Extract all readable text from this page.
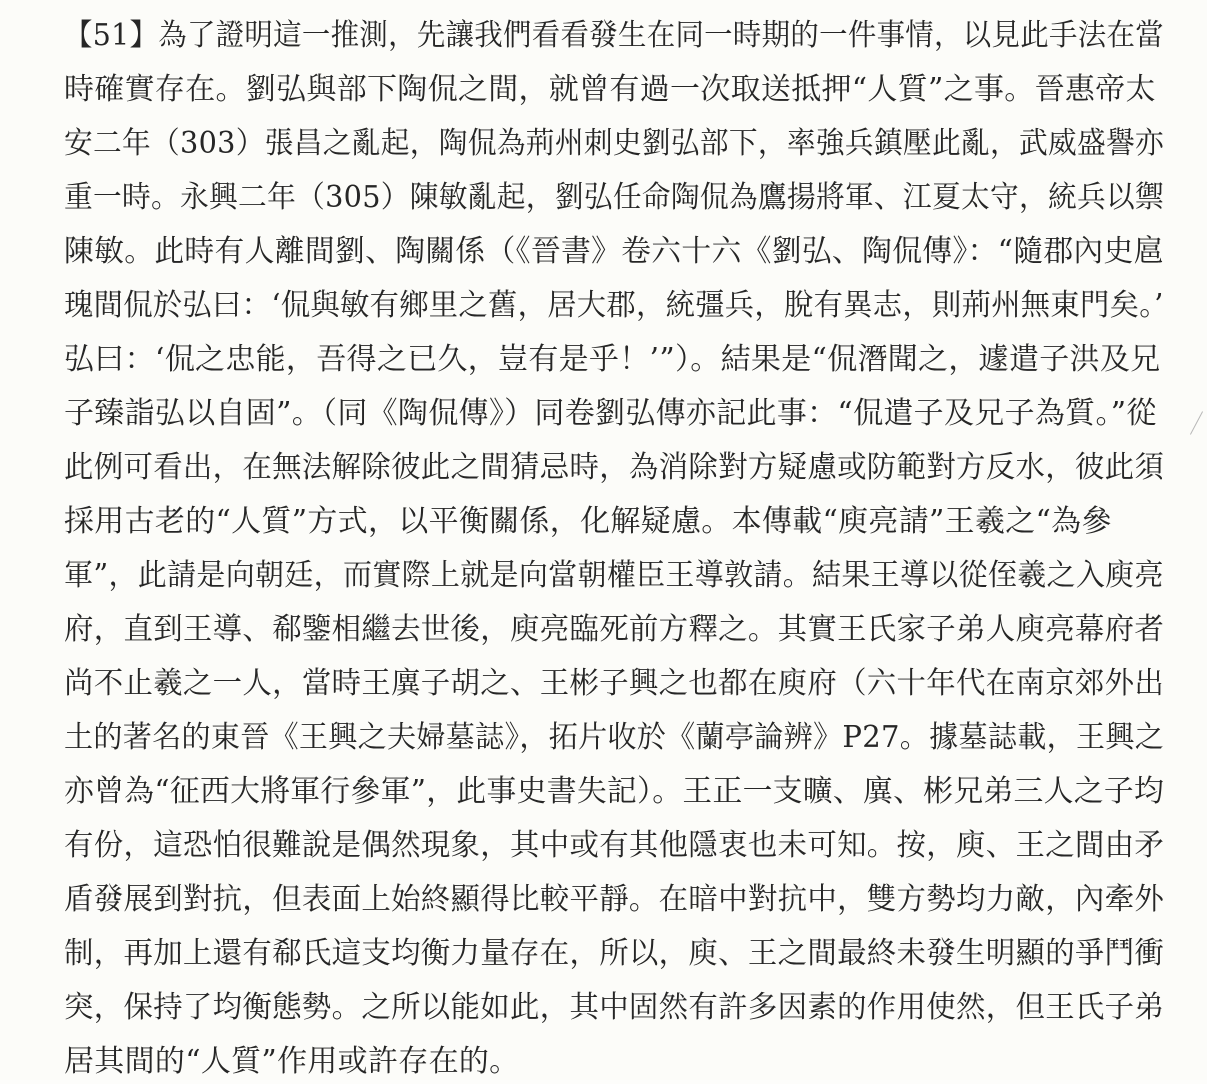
【51】為了證明這一推測，先讓我們看看發生在同一時期的一件事情，以見此手法在當
時確實存在。劉弘與部下陶侃之間，就曾有過一次取送抵押“人質”之事。晉惠帝太
安二年（303）張昌之亂起，陶侃為荊州刺史劉弘部下，率強兵鎮壓此亂，武威盛譽亦
重一時。永興二年（305）陳敏亂起，劉弘任命陶侃為鷹揚將軍、江夏太守，統兵以禦
陳敏。此時有人離間劉、陶關係（《晉書》卷六十六《劉弘、陶侃傳》：“隨郡內史扈
瑰間侃於弘曰：‘侃與敏有鄉里之舊，居大郡，統彊兵，脫有異志，則荊州無東門矣。’
弘曰：‘侃之忠能，吾得之已久，豈有是乎！’”）。結果是“侃潛聞之，遽遣子洪及兄
子臻詣弘以自固”。（同《陶侃傳》）同卷劉弘傳亦記此事：“侃遣子及兄子為質。”從
此例可看出，在無法解除彼此之間猜忌時，為消除對方疑慮或防範對方反水，彼此須
採用古老的“人質”方式，以平衡關係，化解疑慮。本傳載“庾亮請”王羲之“為參
軍”，此請是向朝廷，而實際上就是向當朝權臣王導敦請。結果王導以從侄羲之入庾亮
府，直到王導、郗鑒相繼去世後，庾亮臨死前方釋之。其實王氏家子弟人庾亮幕府者
尚不止羲之一人，當時王廙子胡之、王彬子興之也都在庾府（六十年代在南京郊外出
土的著名的東晉《王興之夫婦墓誌》，拓片收於《蘭亭論辨》P27。據墓誌載，王興之
亦曾為“征西大將軍行參軍”，此事史書失記）。王正一支曠、廙、彬兄弟三人之子均
有份，這恐怕很難說是偶然現象，其中或有其他隱衷也未可知。按，庾、王之間由矛
盾發展到對抗，但表面上始終顯得比較平靜。在暗中對抗中，雙方勢均力敵，內牽外
制，再加上還有郗氏這支均衡力量存在，所以，庾、王之間最終未發生明顯的爭鬥衝
突，保持了均衡態勢。之所以能如此，其中固然有許多因素的作用使然，但王氏子弟
居其間的“人質”作用或許存在的。
